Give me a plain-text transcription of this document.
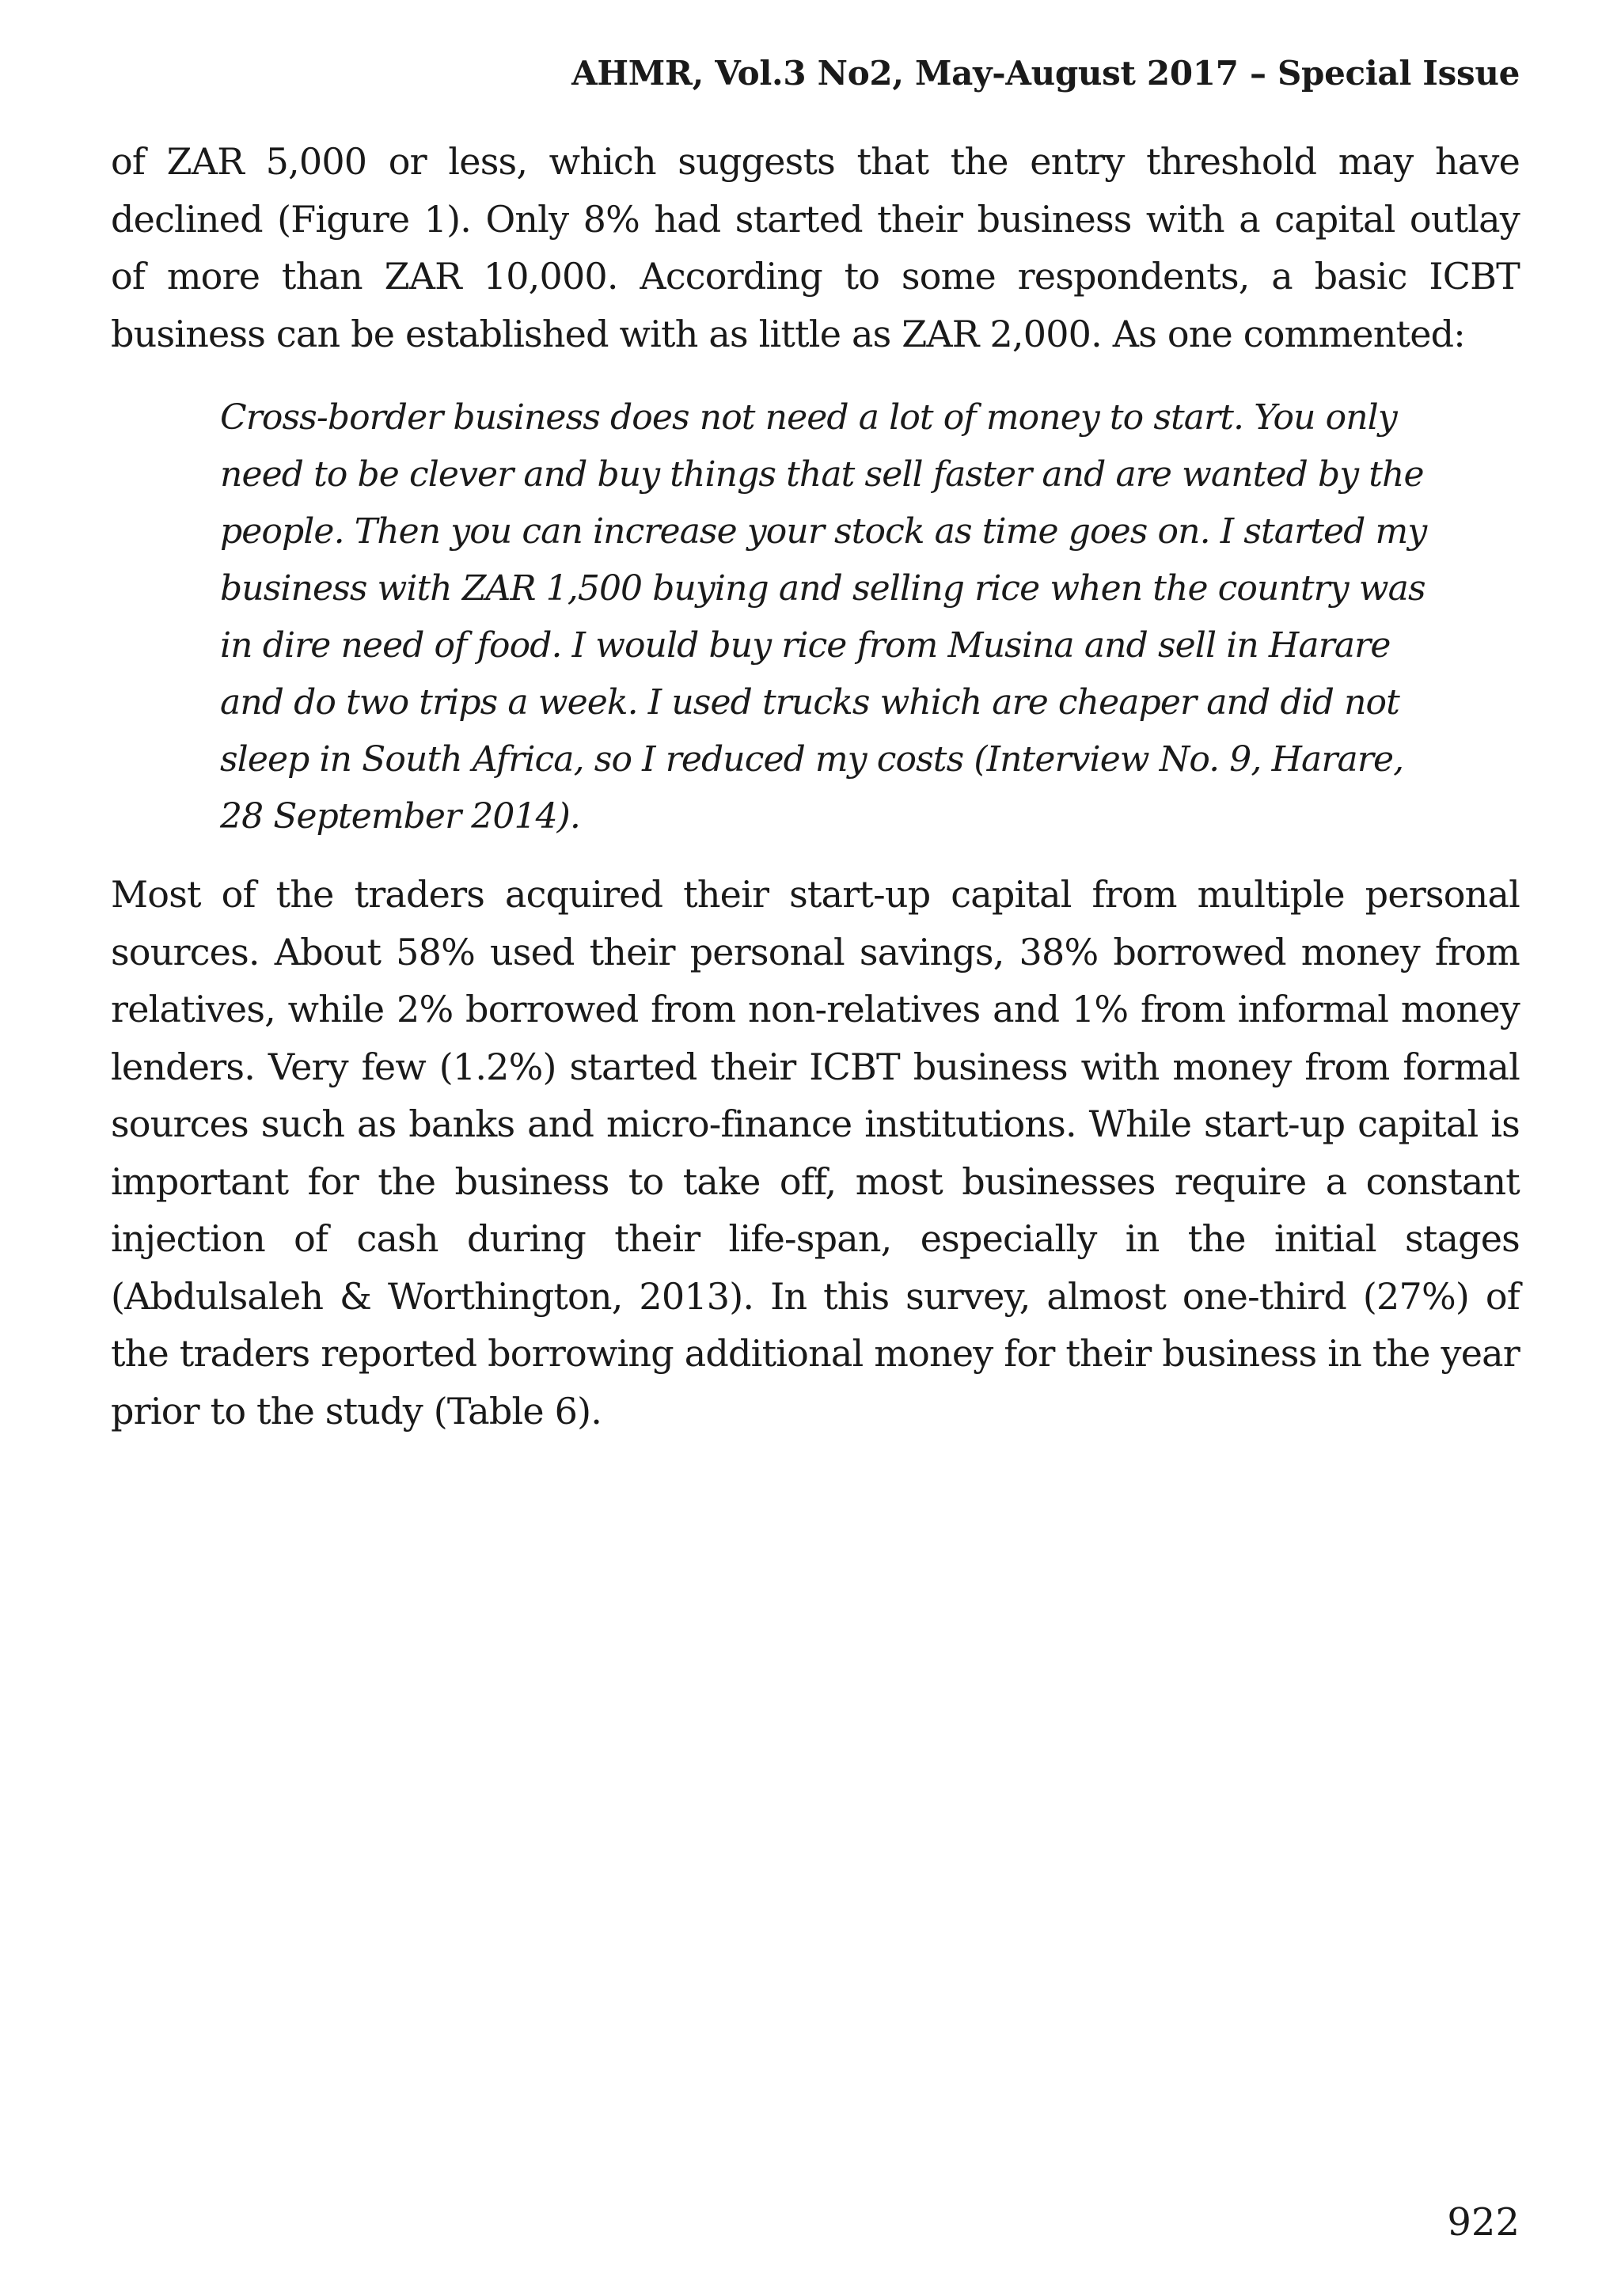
AHMR, Vol.3 No2, May-August 2017 – Special Issue

of ZAR 5,000 or less, which suggests that the entry threshold may have declined (Figure 1). Only 8% had started their business with a capital outlay of more than ZAR 10,000. According to some respondents, a basic ICBT business can be established with as little as ZAR 2,000. As one commented:

Cross-border business does not need a lot of money to start. You only need to be clever and buy things that sell faster and are wanted by the people. Then you can increase your stock as time goes on. I started my business with ZAR 1,500 buying and selling rice when the country was in dire need of food. I would buy rice from Musina and sell in Harare and do two trips a week. I used trucks which are cheaper and did not sleep in South Africa, so I reduced my costs (Interview No. 9, Harare, 28 September 2014).

Most of the traders acquired their start-up capital from multiple personal sources. About 58% used their personal savings, 38% borrowed money from relatives, while 2% borrowed from non-relatives and 1% from informal money lenders. Very few (1.2%) started their ICBT business with money from formal sources such as banks and micro-finance institutions. While start-up capital is important for the business to take off, most businesses require a constant injection of cash during their life-span, especially in the initial stages (Abdulsaleh & Worthington, 2013). In this survey, almost one-third (27%) of the traders reported borrowing additional money for their business in the year prior to the study (Table 6).

922
